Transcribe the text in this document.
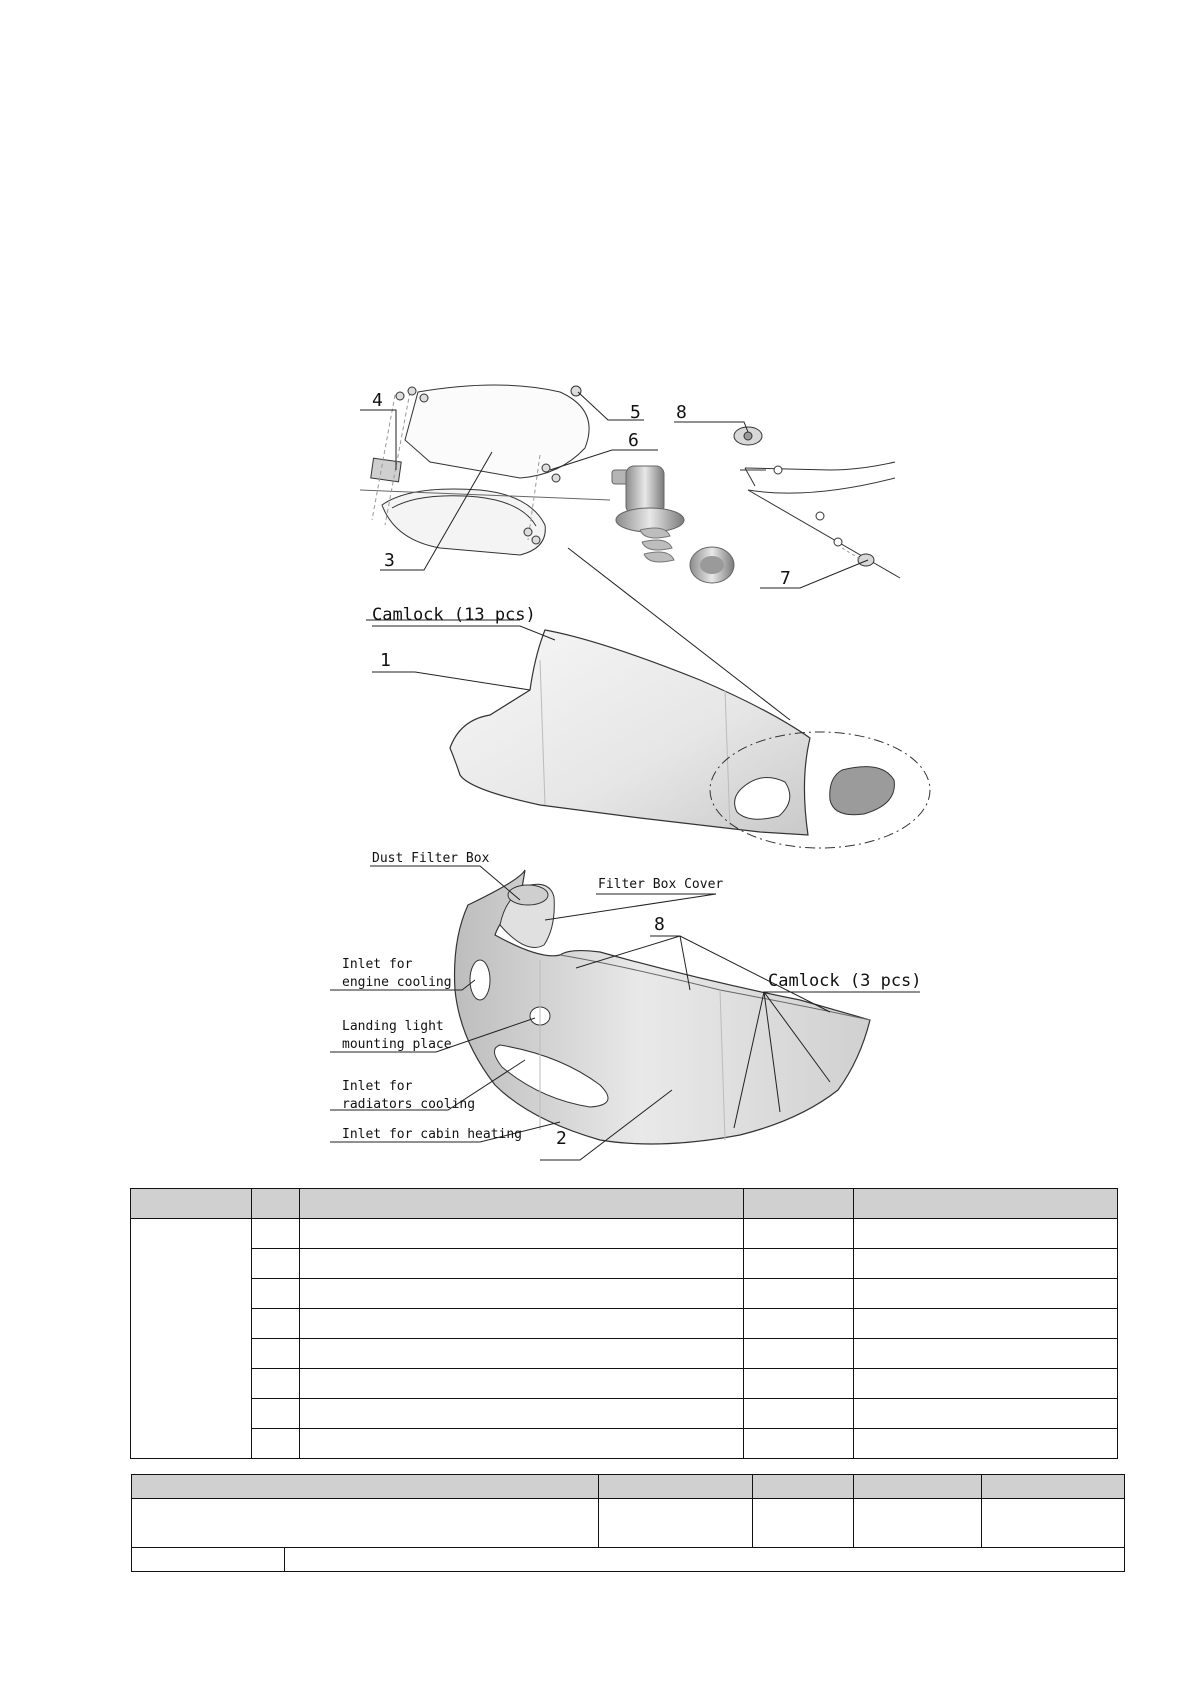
4
5 8
6
3
7
Camlock (13 pcs)
1
Dust Filter Box
Filter Box Cover
8
Inlet for
engine cooling	Camlock (3 pcs)
Landing light
mounting place
Inlet for
radiators cooling
Inlet for cabin heating 2
